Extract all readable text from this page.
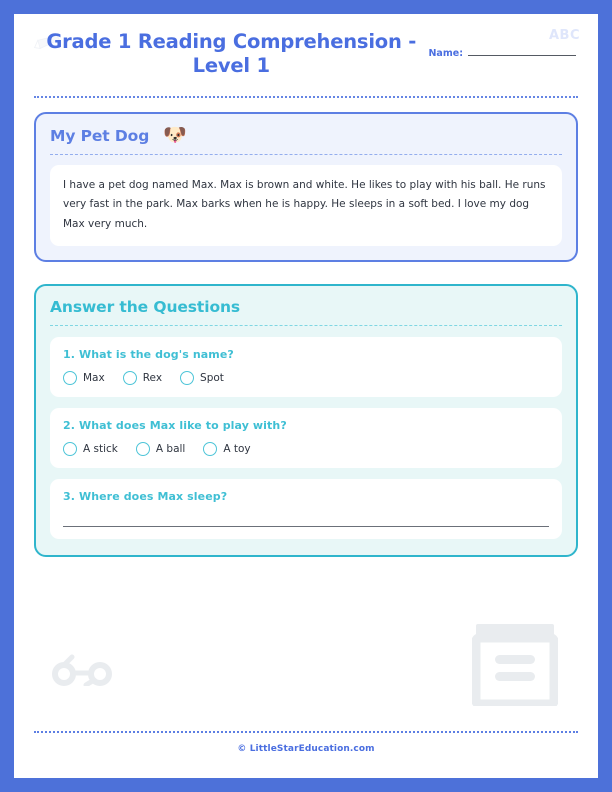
Grade 1 Reading Comprehension - Level 1
Name:
ABC
My Pet Dog 🐶
I have a pet dog named Max. Max is brown and white. He likes to play with his ball. He runs very fast in the park. Max barks when he is happy. He sleeps in a soft bed. I love my dog Max very much.
Answer the Questions
1. What is the dog's name?
Max	Rex	Spot
2. What does Max like to play with?
A stick	A ball	A toy
3. Where does Max sleep?
© LittleStarEducation.com
